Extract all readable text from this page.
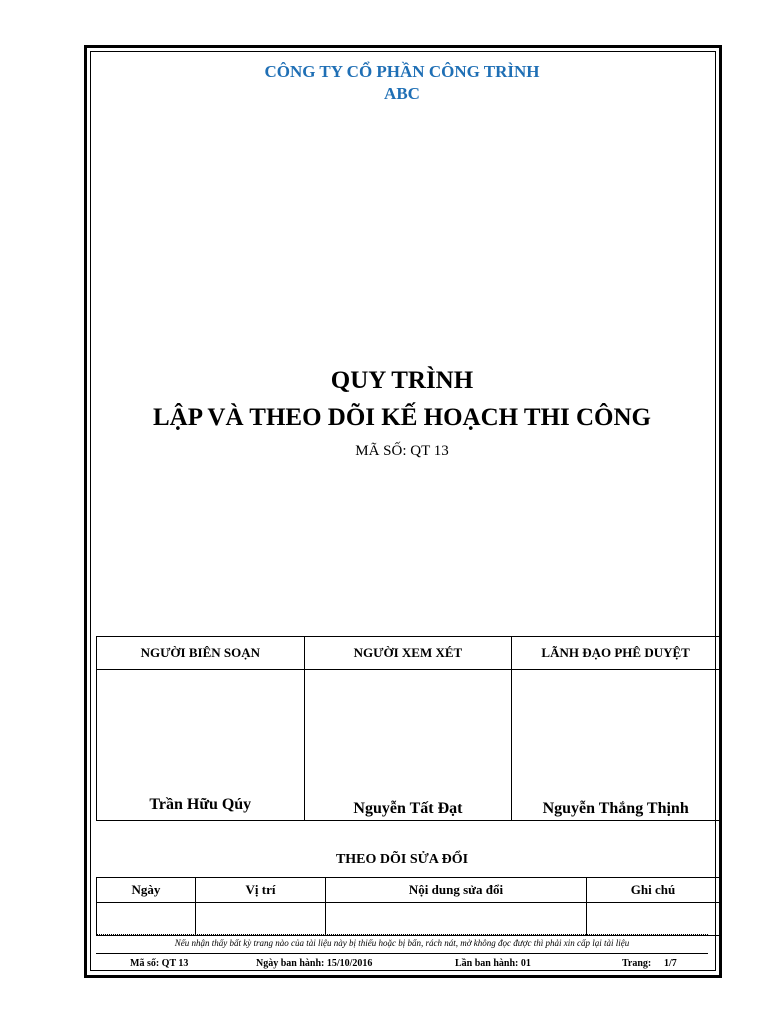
CÔNG TY CỔ PHẦN CÔNG TRÌNH
ABC
QUY TRÌNH
LẬP VÀ THEO DÕI KẾ HOẠCH THI CÔNG
MÃ SỐ: QT 13
NGƯỜI BIÊN SOẠN	NGƯỜI XEM XÉT	LÃNH ĐẠO PHÊ DUYỆT

Trần Hữu Qúy	Nguyễn Tất Đạt	Nguyễn Thắng Thịnh
THEO DÕI SỬA ĐỔI
Ngày	Vị trí	Nội dung sửa đổi	Ghi chú

Nếu nhận thấy bất kỳ trang nào của tài liệu này bị thiếu hoặc bị bẩn, rách nát, mờ không đọc được thì phải xin cấp lại tài liệu
Mã số: QT 13	Ngày ban hành: 15/10/2016	Lần ban hành: 01	Trang: 1/7
